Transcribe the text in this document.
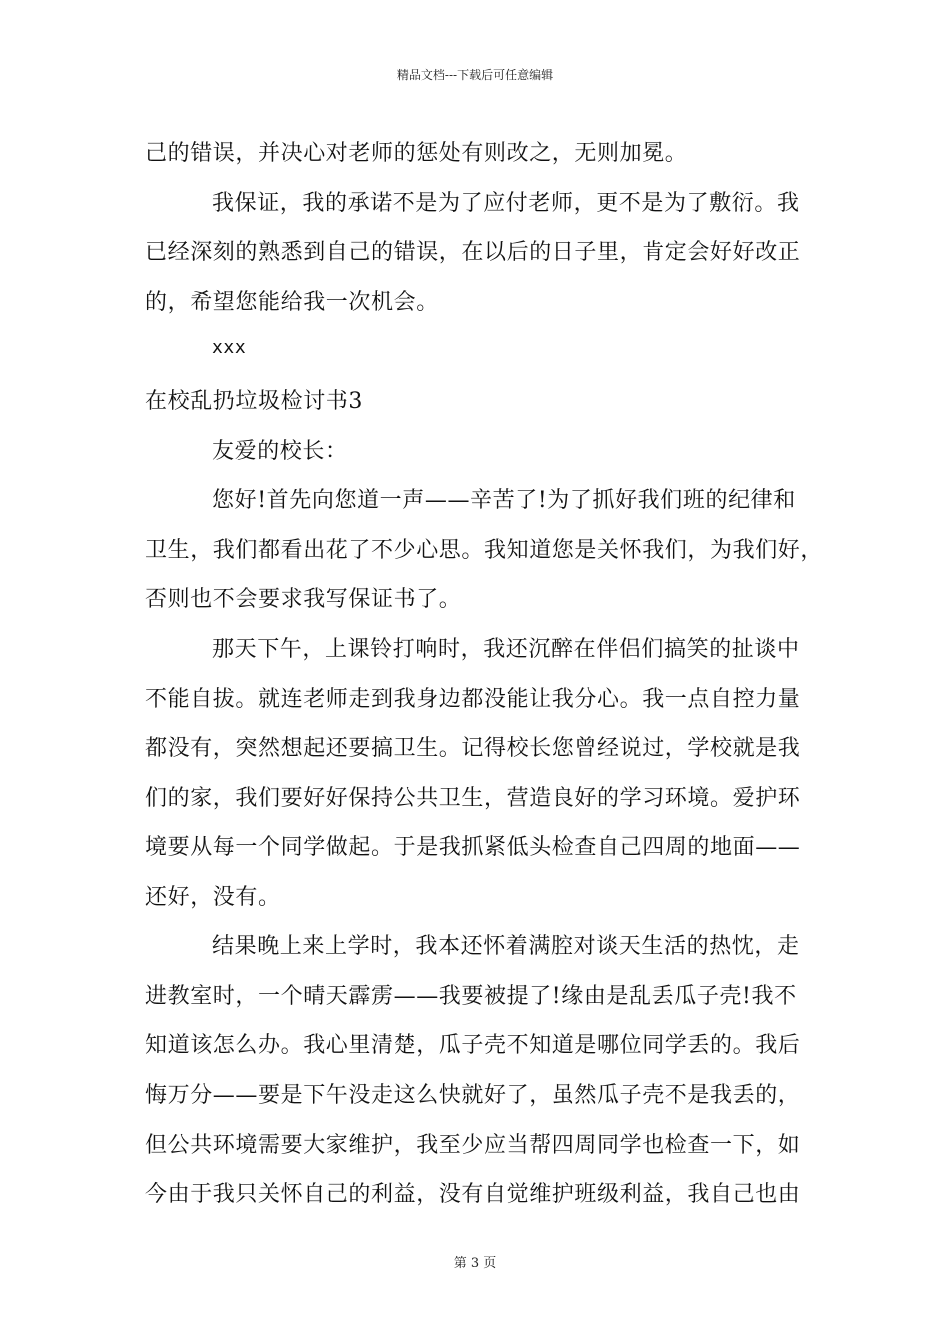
精品文档---下载后可任意编辑
己的错误，并决心对老师的惩处有则改之，无则加冕。
我保证，我的承诺不是为了应付老师，更不是为了敷衍。我
已经深刻的熟悉到自己的错误，在以后的日子里，肯定会好好改正
的，希望您能给我一次机会。
xxx
在校乱扔垃圾检讨书3
友爱的校长：
您好!首先向您道一声——辛苦了!为了抓好我们班的纪律和
卫生，我们都看出花了不少心思。我知道您是关怀我们，为我们好，
否则也不会要求我写保证书了。
那天下午，上课铃打响时，我还沉醉在伴侣们搞笑的扯谈中
不能自拔。就连老师走到我身边都没能让我分心。我一点自控力量
都没有，突然想起还要搞卫生。记得校长您曾经说过，学校就是我
们的家，我们要好好保持公共卫生，营造良好的学习环境。爱护环
境要从每一个同学做起。于是我抓紧低头检查自己四周的地面——
还好，没有。
结果晚上来上学时，我本还怀着满腔对谈天生活的热忱，走
进教室时，一个晴天霹雳——我要被提了!缘由是乱丢瓜子壳!我不
知道该怎么办。我心里清楚，瓜子壳不知道是哪位同学丢的。我后
悔万分——要是下午没走这么快就好了，虽然瓜子壳不是我丢的，
但公共环境需要大家维护，我至少应当帮四周同学也检查一下，如
今由于我只关怀自己的利益，没有自觉维护班级利益，我自己也由
第 3 页
